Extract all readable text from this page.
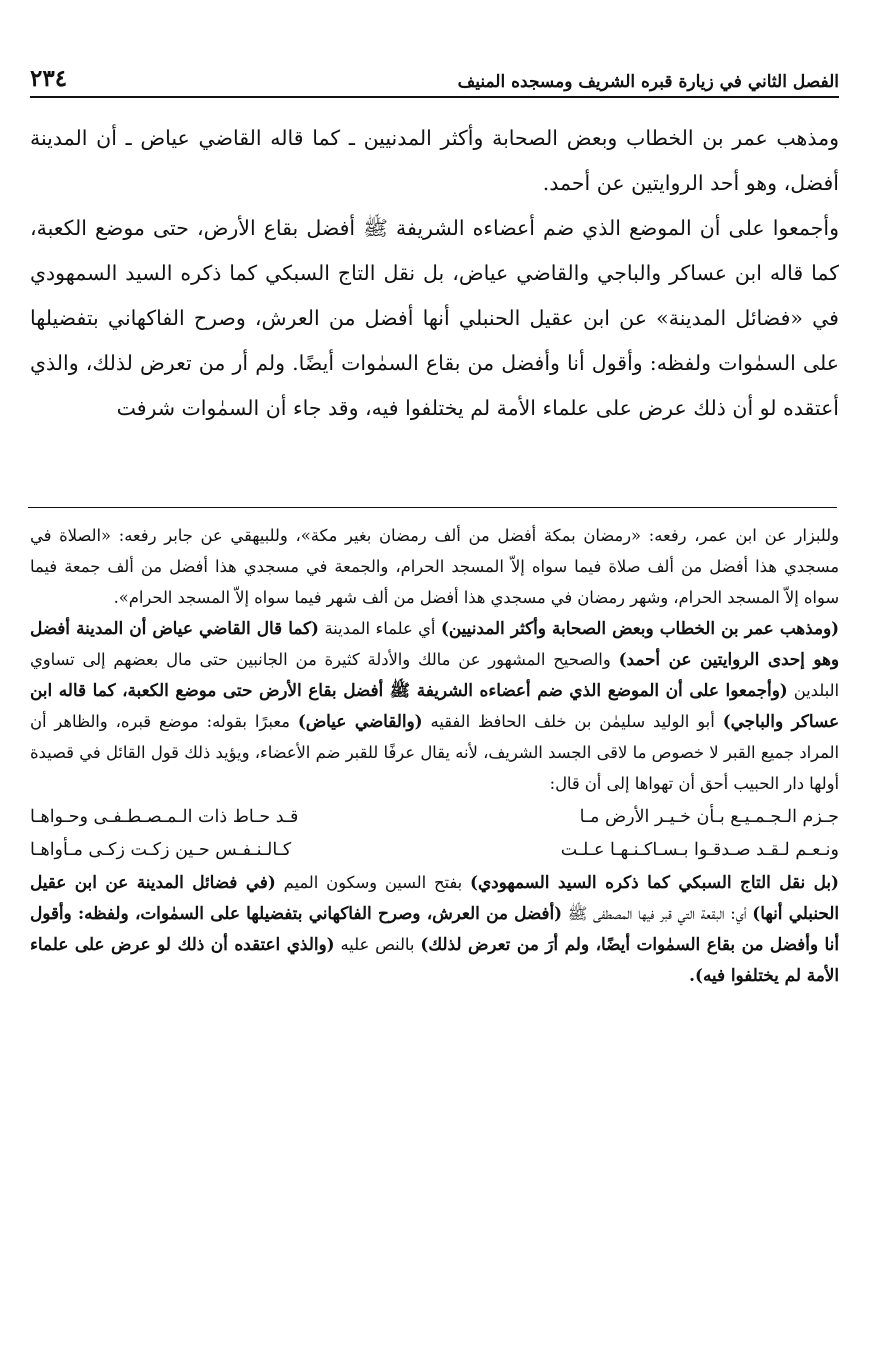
الفصل الثاني في زيارة قبره الشريف ومسجده المنيف
٢٣٤

ومذهب عمر بن الخطاب وبعض الصحابة وأكثر المدنيين ـ كما قاله القاضي عياض ـ أن المدينة أفضل، وهو أحد الروايتين عن أحمد.

وأجمعوا على أن الموضع الذي ضم أعضاءه الشريفة ﷺ أفضل بقاع الأرض، حتى موضع الكعبة، كما قاله ابن عساكر والباجي والقاضي عياض، بل نقل التاج السبكي كما ذكره السيد السمهودي في «فضائل المدينة» عن ابن عقيل الحنبلي أنها أفضل من العرش، وصرح الفاكهاني بتفضيلها على السمٰوات ولفظه: وأقول أنا وأفضل من بقاع السمٰوات أيضًا. ولم أر من تعرض لذلك، والذي أعتقده لو أن ذلك عرض على علماء الأمة لم يختلفوا فيه، وقد جاء أن السمٰوات شرفت

وللبزار عن ابن عمر، رفعه: «رمضان بمكة أفضل من ألف رمضان بغير مكة»، وللبيهقي عن جابر رفعه: «الصلاة في مسجدي هذا أفضل من ألف صلاة فيما سواه إلاّ المسجد الحرام، والجمعة في مسجدي هذا أفضل من ألف جمعة فيما سواه إلاّ المسجد الحرام، وشهر رمضان في مسجدي هذا أفضل من ألف شهر فيما سواه إلاّ المسجد الحرام».

(ومذهب عمر بن الخطاب وبعض الصحابة وأكثر المدنيين) أي علماء المدينة (كما قال القاضي عياض أن المدينة أفضل وهو إحدى الروايتين عن أحمد) والصحيح المشهور عن مالك والأدلة كثيرة من الجانبين حتى مال بعضهم إلى تساوي البلدين (وأجمعوا على أن الموضع الذي ضم أعضاءه الشريفة ﷺ أفضل بقاع الأرض حتى موضع الكعبة، كما قاله ابن عساكر والباجي) أبو الوليد سليمٰن بن خلف الحافظ الفقيه (والقاضي عياض) معبرًا بقوله: موضع قبره، والظاهر أن المراد جميع القبر لا خصوص ما لاقى الجسد الشريف، لأنه يقال عرفًا للقبر ضم الأعضاء، ويؤيد ذلك قول القائل في قصيدة أولها دار الحبيب أحق أن تهواها إلى أن قال:

جـزم الـجـمـيـع بـأن خـيـر الأرض مـا
قـد حـاط ذات الـمـصـطـفـى وحـواهـا
ونـعـم لـقـد صـدقـوا بـسـاكـنـهـا عـلـت
كـالـنـفـس حـين زكـت زكـى مـأواهـا

(بل نقل التاج السبكي كما ذكره السيد السمهودي) بفتح السين وسكون الميم (في فضائل المدينة عن ابن عقيل الحنبلي أنها) أي: البقعة التي قبر فيها المصطفى ﷺ (أفضل من العرش، وصرح الفاكهاني بتفضيلها على السمٰوات، ولفظه: وأقول أنا وأفضل من بقاع السمٰوات أيضًا، ولم أرَ من تعرض لذلك) بالنص عليه (والذي اعتقده أن ذلك لو عرض على علماء الأمة لم يختلفوا فيه).
